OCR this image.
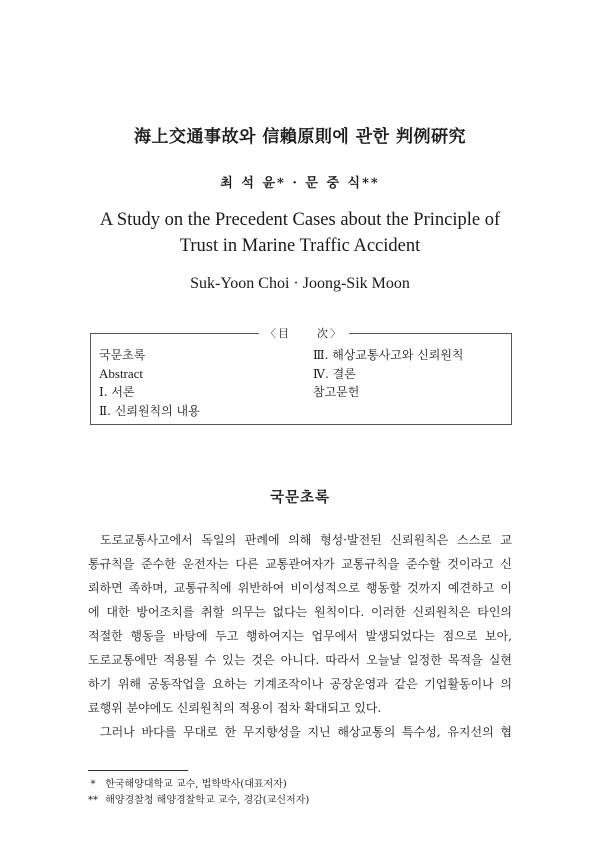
海上交通事故와 信賴原則에 관한 判例硏究
최 석 윤* · 문 중 식**
A Study on the Precedent Cases about the Principle of
Trust in Marine Traffic Accident
Suk-Yoon Choi · Joong-Sik Moon
〈目　　次〉
국문초록
Abstract
Ⅰ. 서론
Ⅱ. 신뢰원칙의 내용
Ⅲ. 해상교통사고와 신뢰원칙
Ⅳ. 결론
참고문헌
국문초록
도로교통사고에서 독일의 판례에 의해 형성·발전된 신뢰원칙은 스스로 교
통규칙을 준수한 운전자는 다른 교통관여자가 교통규칙을 준수할 것이라고 신
뢰하면 족하며, 교통규칙에 위반하여 비이성적으로 행동할 것까지 예견하고 이
에 대한 방어조치를 취할 의무는 없다는 원칙이다. 이러한 신뢰원칙은 타인의
적절한 행동을 바탕에 두고 행하여지는 업무에서 발생되었다는 점으로 보아,
도로교통에만 적용될 수 있는 것은 아니다. 따라서 오늘날 일정한 목적을 실현
하기 위해 공동작업을 요하는 기계조작이나 공장운영과 같은 기업활동이나 의
료행위 분야에도 신뢰원칙의 적용이 점차 확대되고 있다.
그러나 바다를 무대로 한 무지향성을 지닌 해상교통의 특수성, 유지선의 협
* 한국해양대학교 교수, 법학박사(대표저자)
** 해양경찰청 해양경찰학교 교수, 경감(교신저자)
